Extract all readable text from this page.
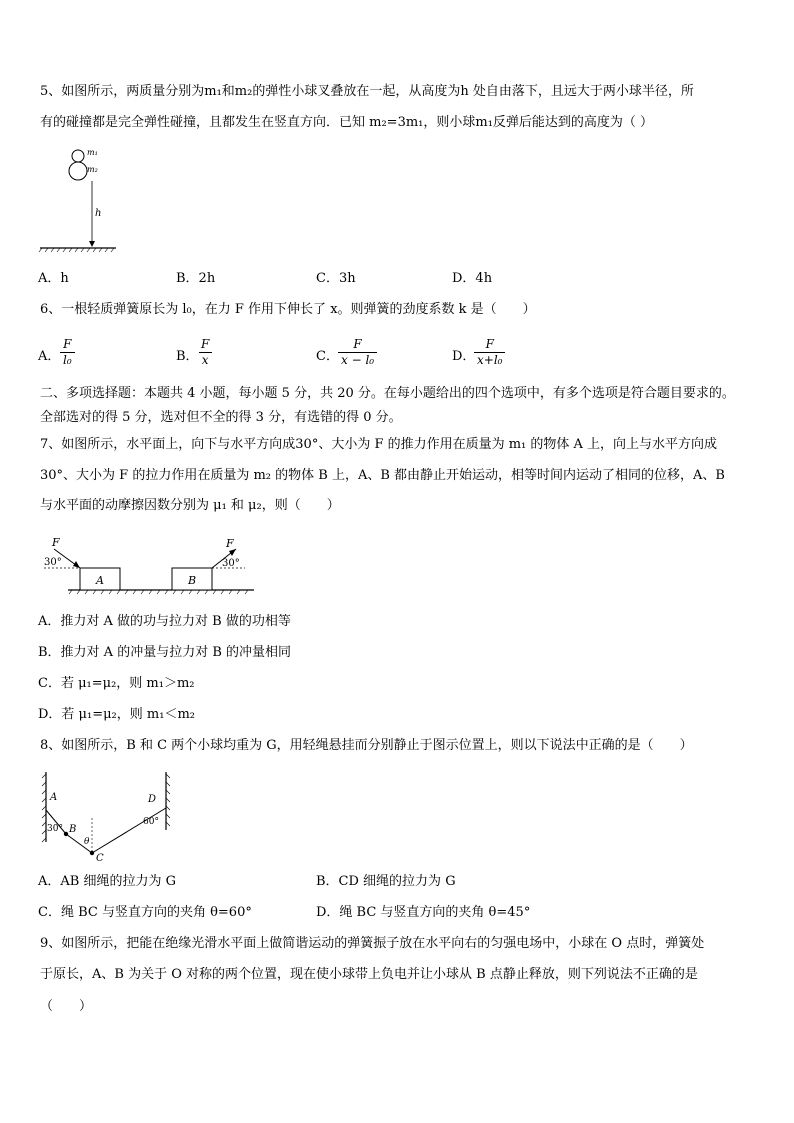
5、如图所示，两质量分别为m₁和m₂的弹性小球叉叠放在一起，从高度为h 处自由落下，且远大于两小球半径，所
有的碰撞都是完全弹性碰撞，且都发生在竖直方向．已知 m₂=3m₁，则小球m₁反弹后能达到的高度为（ ）
m₁
m₂
h
A．h	B．2h	C．3h	D．4h
6、一根轻质弹簧原长为 l₀，在力 F 作用下伸长了 x。则弹簧的劲度系数 k 是（　　）
A． $\frac{F}{\text{l₀}}$	B． $\frac{F}{x}$	C． $\frac{F}{\text{x − l₀}}$	D．
$\frac{F}{\text{x+l₀}}$
二、多项选择题：本题共 4 小题，每小题 5 分，共 20 分。在每小题给出的四个选项中，有多个选项是符合题目要求的。
全部选对的得 5 分，选对但不全的得 3 分，有选错的得 0 分。
7、如图所示，水平面上，向下与水平方向成30°、大小为 F 的推力作用在质量为 m₁ 的物体 A 上，向上与水平方向成
30°、大小为 F 的拉力作用在质量为 m₂ 的物体 B 上，A、B 都由静止开始运动，相等时间内运动了相同的位移，A、B
与水平面的动摩擦因数分别为 μ₁ 和 μ₂，则（　　）
A	B
F
30°
F
30°
A．推力对 A 做的功与拉力对 B 做的功相等
B．推力对 A 的冲量与拉力对 B 的冲量相同
C．若 μ₁=μ₂，则 m₁＞m₂
D．若 μ₁=μ₂，则 m₁＜m₂
8、如图所示，B 和 C 两个小球均重为 G，用轻绳悬挂而分别静止于图示位置上，则以下说法中正确的是（　　）
A
B
C
D
30°
60°
θ
A．AB 细绳的拉力为 G	B．CD 细绳的拉力为 G
C．绳 BC 与竖直方向的夹角 θ=60°	D．绳 BC 与竖直方向的夹角 θ=45°
9、如图所示，把能在绝缘光滑水平面上做简谐运动的弹簧振子放在水平向右的匀强电场中，小球在 O 点时，弹簧处
于原长，A、B 为关于 O 对称的两个位置，现在使小球带上负电并让小球从 B 点静止释放，则下列说法不正确的是
（　　）
